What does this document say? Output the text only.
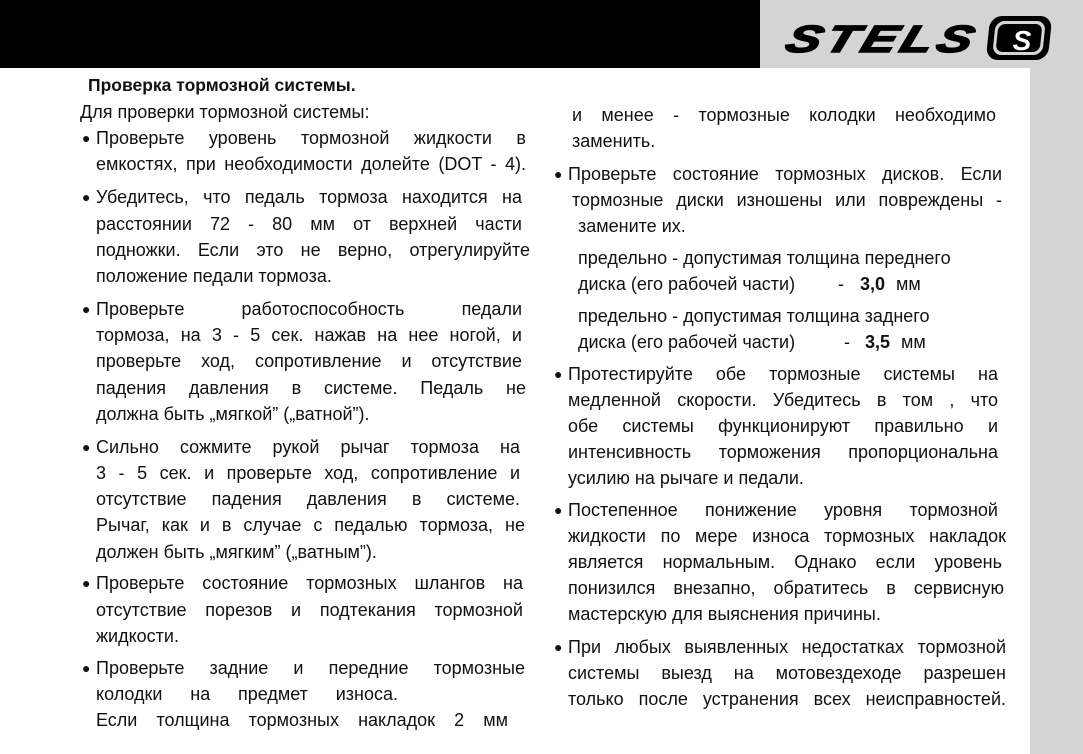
STELS	S
Проверка тормозной системы.
Для проверки тормозной системы:
● Проверьте уровень тормозной жидкости в
емкостях, при необходимости долейте (DOT - 4).
● Убедитесь, что педаль тормоза находится на
расстоянии 72 - 80 мм от верхней части
подножки. Если это не верно, отрегулируйте
положение педали тормоза.
● Проверьте работоспособность педали
тормоза, на 3 - 5 сек. нажав на нее ногой, и
проверьте ход, сопротивление и отсутствие
падения давления в системе. Педаль не
должна быть „мягкой” („ватной”).
● Сильно сожмите рукой рычаг тормоза на
3 - 5 сек. и проверьте ход, сопротивление и
отсутствие падения давления в системе.
Рычаг, как и в случае с педалью тормоза, не
должен быть „мягким” („ватным”).
● Проверьте состояние тормозных шлангов на
отсутствие порезов и подтекания тормозной
жидкости.
● Проверьте задние и передние тормозные
колодки на предмет износа.
Если толщина тормозных накладок 2 мм
и менее - тормозные колодки необходимо
заменить.
● Проверьте состояние тормозных дисков. Если
тормозные диски изношены или повреждены -
замените их.
предельно - допустимая толщина переднего
диска (его рабочей части) - 3,0 мм
предельно - допустимая толщина заднего
диска (его рабочей части)	- 3,5 мм
● Протестируйте обе тормозные системы на
медленной скорости. Убедитесь в том , что
обе системы функционируют правильно и
интенсивность торможения пропорциональна
усилию на рычаге и педали.
● Постепенное понижение уровня тормозной
жидкости по мере износа тормозных накладок
является нормальным. Однако если уровень
понизился внезапно, обратитесь в сервисную
мастерскую для выяснения причины.
● При любых выявленных недостатках тормозной
системы выезд на мотовездеходе разрешен
только после устранения всех неисправностей.
